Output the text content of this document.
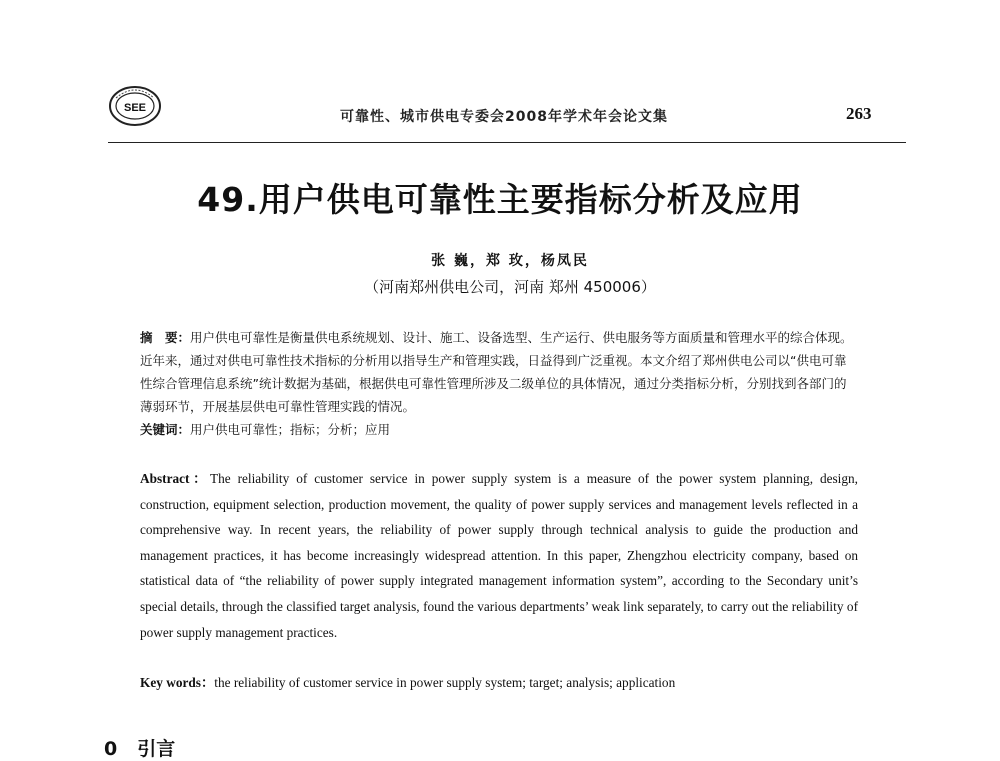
SEE
可靠性、城市供电专委会2008年学术年会论文集	263
49.用户供电可靠性主要指标分析及应用
张 巍，郑 玫，杨凤民
（河南郑州供电公司，河南 郑州 450006）
摘　要：用户供电可靠性是衡量供电系统规划、设计、施工、设备选型、生产运行、供电服务等方面质量和管理水平的综合体现。近年来，通过对供电可靠性技术指标的分析用以指导生产和管理实践，日益得到广泛重视。本文介绍了郑州供电公司以“供电可靠性综合管理信息系统”统计数据为基础，根据供电可靠性管理所涉及二级单位的具体情况，通过分类指标分析，分别找到各部门的薄弱环节，开展基层供电可靠性管理实践的情况。
关键词：用户供电可靠性；指标；分析；应用
Abstract：The reliability of customer service in power supply system is a measure of the power system planning, design, construction, equipment selection, production movement, the quality of power supply services and management levels reflected in a comprehensive way. In recent years, the reliability of power supply through technical analysis to guide the production and management practices, it has become increasingly widespread attention. In this paper, Zhengzhou electricity company, based on statistical data of “the reliability of power supply integrated management information system”, according to the Secondary unit’s special details, through the classified target analysis, found the various departments’ weak link separately, to carry out the reliability of power supply management practices.
Key words：the reliability of customer service in power supply system; target; analysis; application
0 引言
